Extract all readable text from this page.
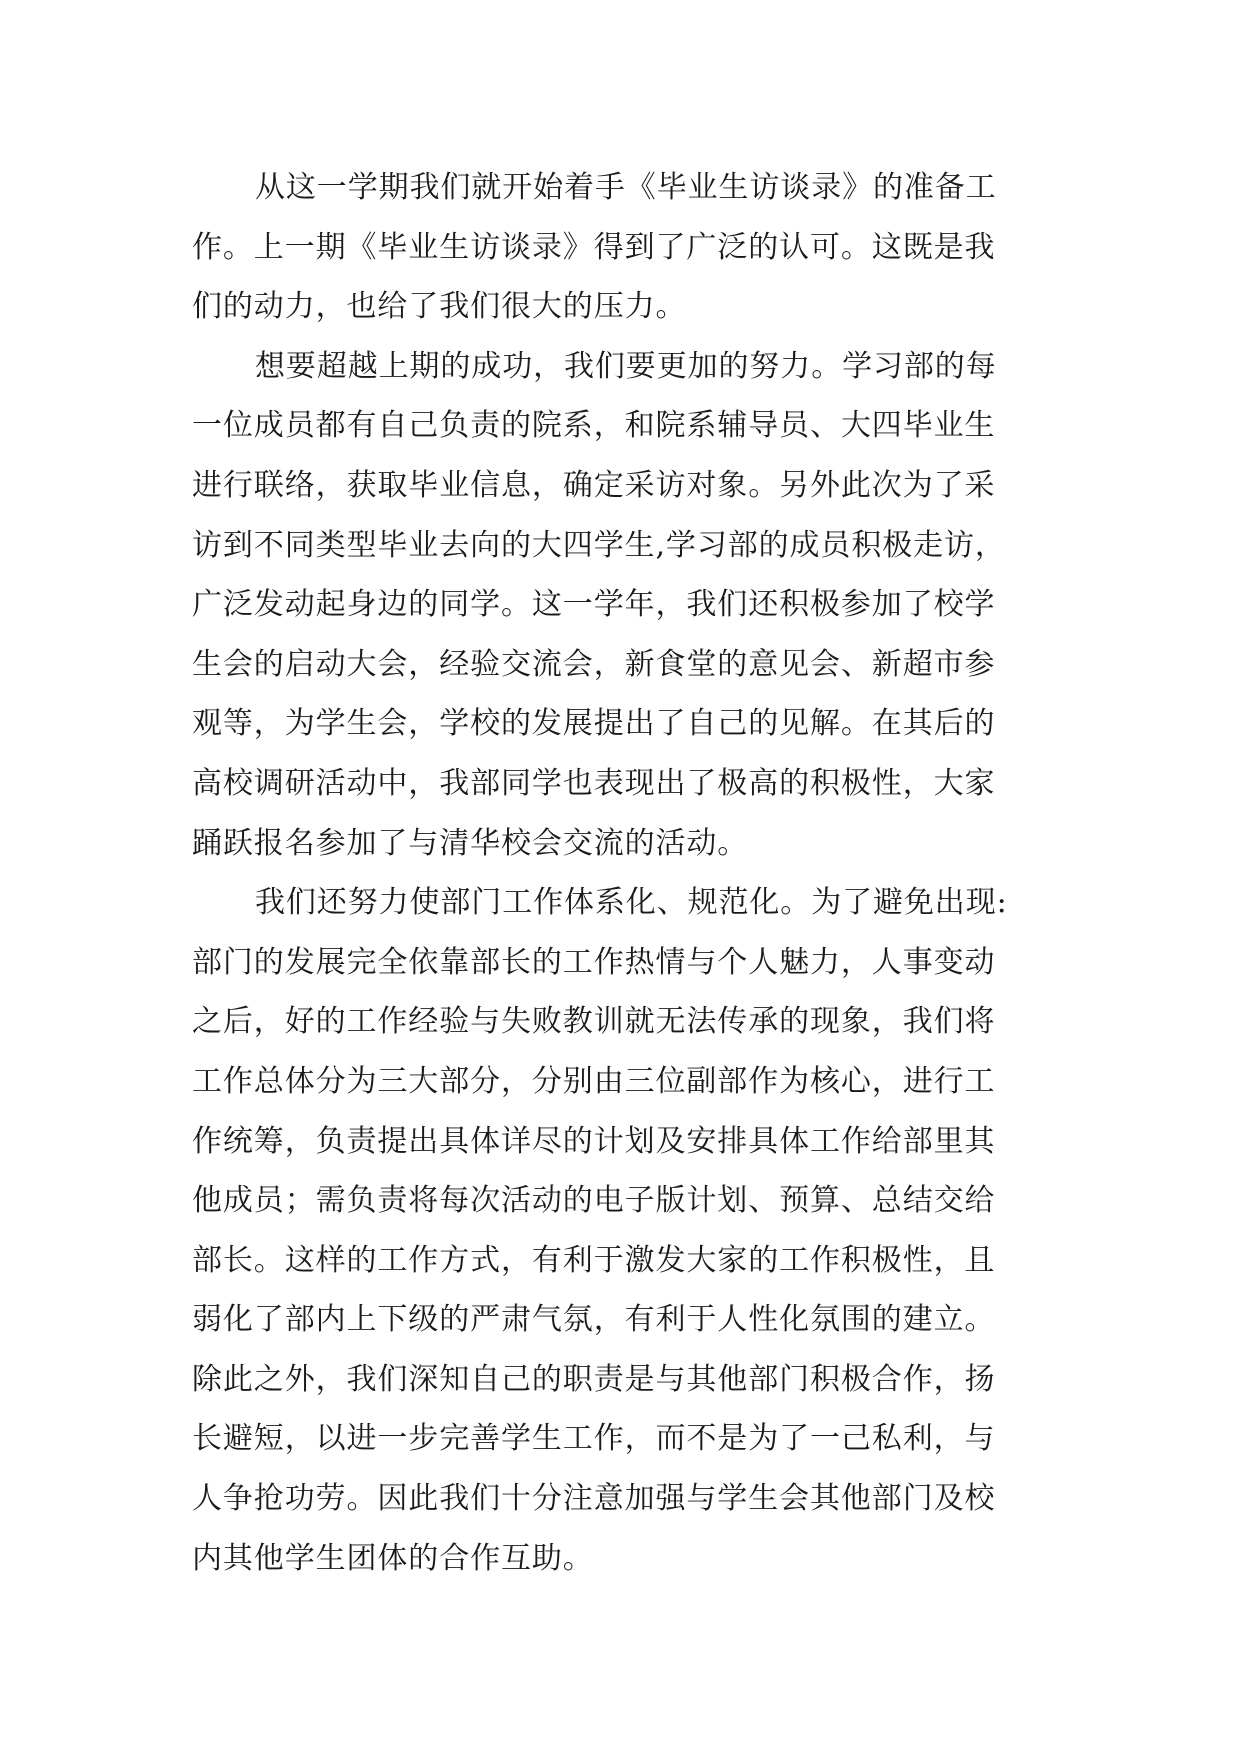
从这一学期我们就开始着手《毕业生访谈录》的准备工
作。上一期《毕业生访谈录》得到了广泛的认可。这既是我
们的动力，也给了我们很大的压力。
想要超越上期的成功，我们要更加的努力。学习部的每
一位成员都有自己负责的院系，和院系辅导员、大四毕业生
进行联络，获取毕业信息，确定采访对象。另外此次为了采
访到不同类型毕业去向的大四学生,学习部的成员积极走访，
广泛发动起身边的同学。这一学年，我们还积极参加了校学
生会的启动大会，经验交流会，新食堂的意见会、新超市参
观等，为学生会，学校的发展提出了自己的见解。在其后的
高校调研活动中，我部同学也表现出了极高的积极性，大家
踊跃报名参加了与清华校会交流的活动。
我们还努力使部门工作体系化、规范化。为了避免出现:
部门的发展完全依靠部长的工作热情与个人魅力，人事变动
之后，好的工作经验与失败教训就无法传承的现象，我们将
工作总体分为三大部分，分别由三位副部作为核心，进行工
作统筹，负责提出具体详尽的计划及安排具体工作给部里其
他成员；需负责将每次活动的电子版计划、预算、总结交给
部长。这样的工作方式，有利于激发大家的工作积极性，且
弱化了部内上下级的严肃气氛，有利于人性化氛围的建立。
除此之外，我们深知自己的职责是与其他部门积极合作，扬
长避短，以进一步完善学生工作，而不是为了一己私利，与
人争抢功劳。因此我们十分注意加强与学生会其他部门及校
内其他学生团体的合作互助。
